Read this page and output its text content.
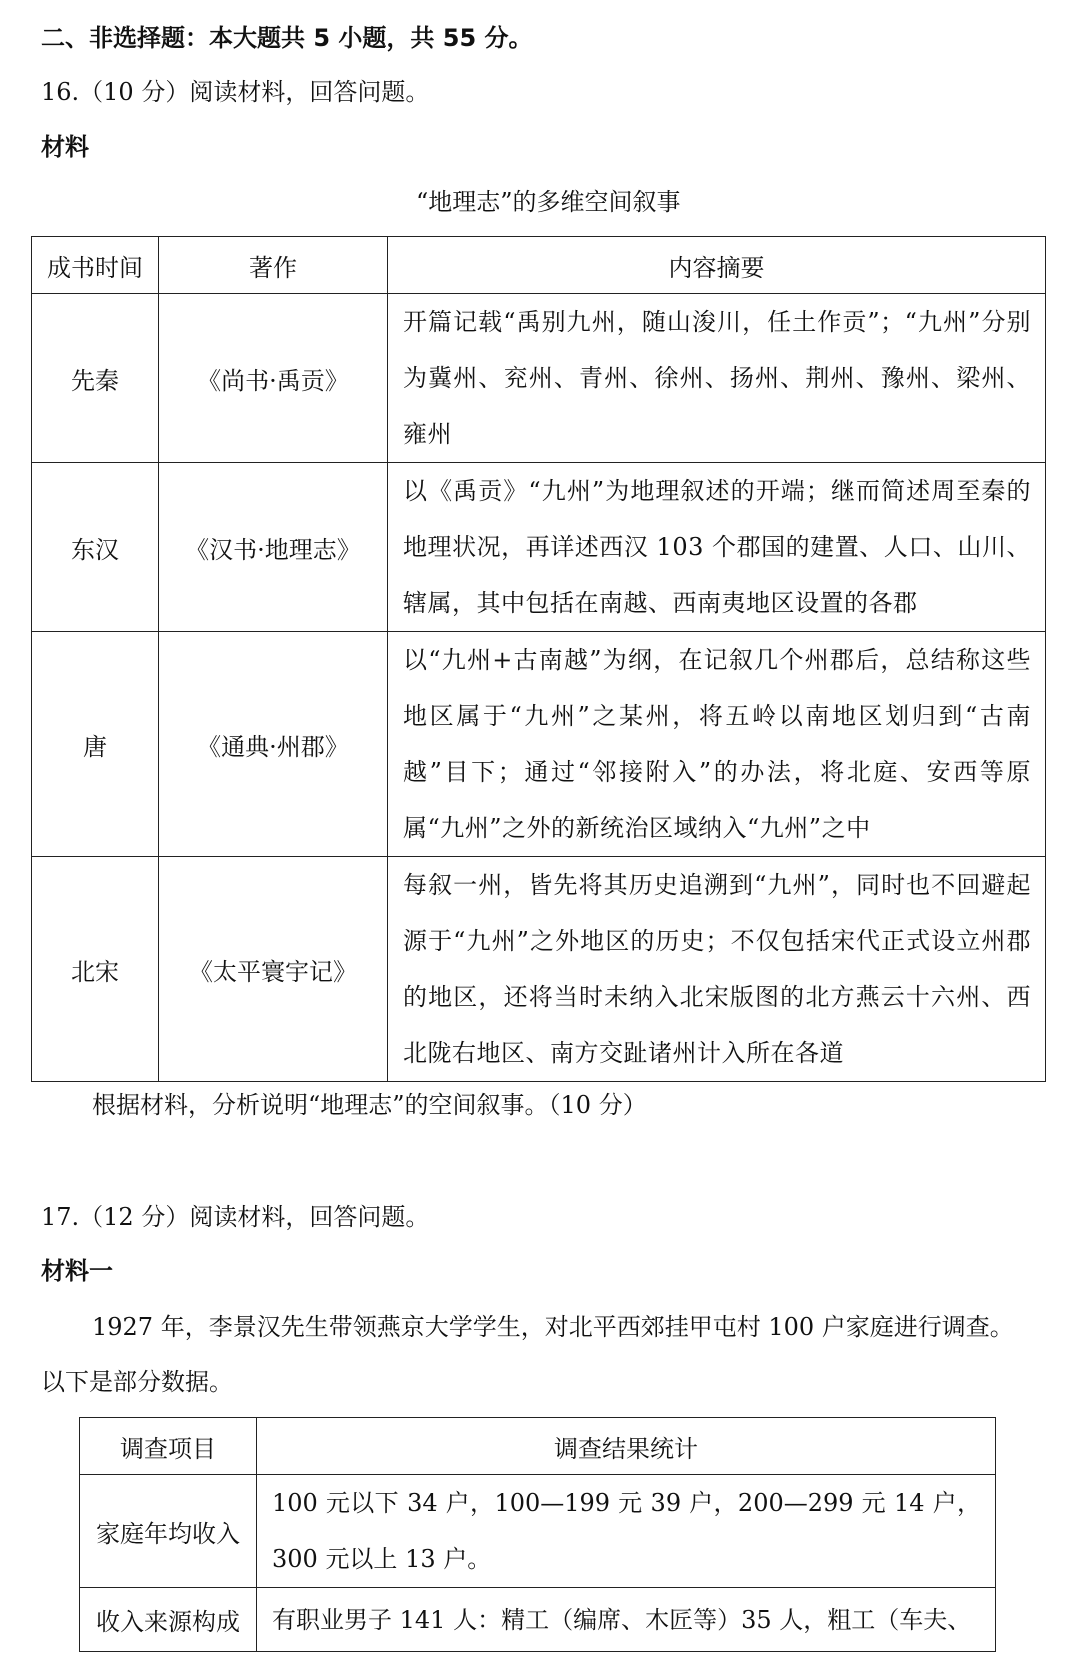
二、非选择题：本大题共 5 小题，共 55 分。
16.（10 分）阅读材料，回答问题。
材料
“地理志”的多维空间叙事
成书时间	著作	内容摘要
先秦	《尚书·禹贡》	开篇记载“禹别九州，随山浚川，任土作贡”；“九州”分别为冀州、兖州、青州、徐州、扬州、荆州、豫州、梁州、雍州

东汉	《汉书·地理志》	以《禹贡》“九州”为地理叙述的开端；继而简述周至秦的地理状况，再详述西汉 103 个郡国的建置、人口、山川、辖属，其中包括在南越、西南夷地区设置的各郡

唐	《通典·州郡》	以“九州+古南越”为纲，在记叙几个州郡后，总结称这些地区属于“九州”之某州，将五岭以南地区划归到“古南越”目下；通过“邻接附入”的办法，将北庭、安西等原属“九州”之外的新统治区域纳入“九州”之中

北宋	《太平寰宇记》	每叙一州，皆先将其历史追溯到“九州”，同时也不回避起源于“九州”之外地区的历史；不仅包括宋代正式设立州郡的地区，还将当时未纳入北宋版图的北方燕云十六州、西北陇右地区、南方交趾诸州计入所在各道
根据材料，分析说明“地理志”的空间叙事。（10 分）
17.（12 分）阅读材料，回答问题。
材料一
1927 年，李景汉先生带领燕京大学学生，对北平西郊挂甲屯村 100 户家庭进行调查。
以下是部分数据。
调查项目	调查结果统计
家庭年均收入	100 元以下 34 户，100—199 元 39 户，200—299 元 14 户，300 元以上 13 户。

收入来源构成	有职业男子 141 人：精工（编席、木匠等）35 人，粗工（车夫、
